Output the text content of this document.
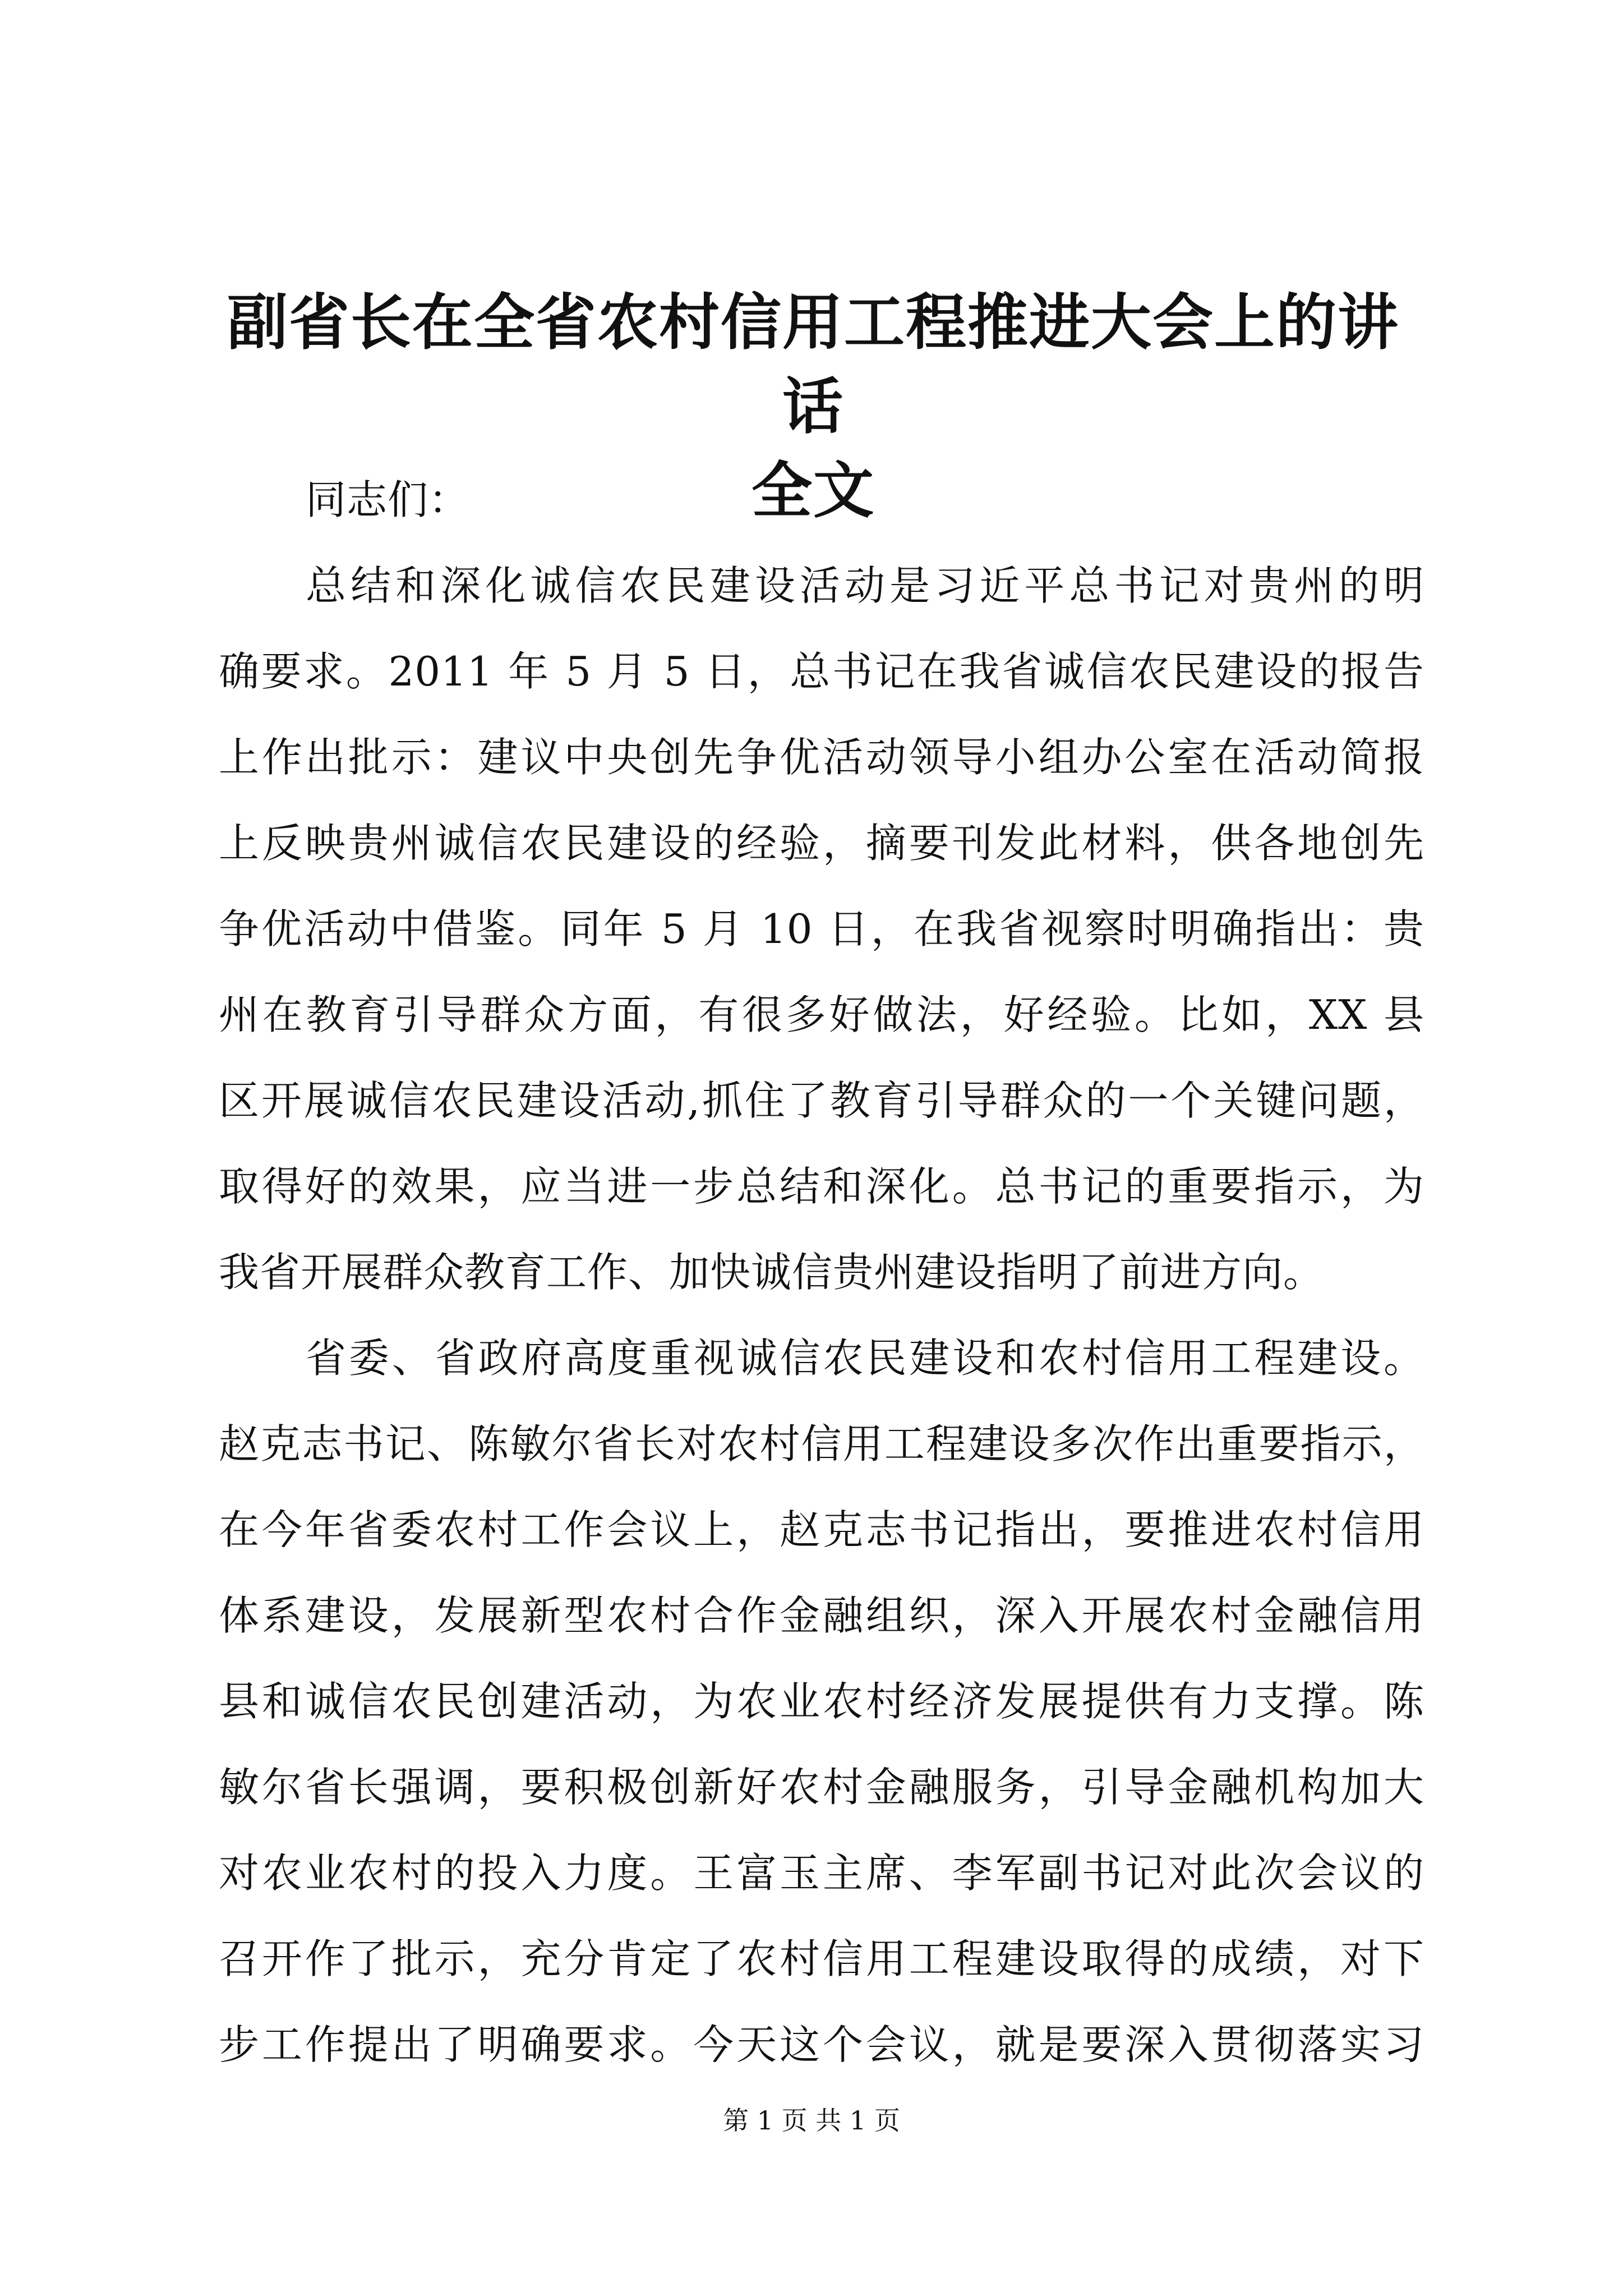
副省长在全省农村信用工程推进大会上的讲话
全文
同志们：
总结和深化诚信农民建设活动是习近平总书记对贵州的明
确要求。2011 年 5 月 5 日，总书记在我省诚信农民建设的报告
上作出批示：建议中央创先争优活动领导小组办公室在活动简报
上反映贵州诚信农民建设的经验，摘要刊发此材料，供各地创先
争优活动中借鉴。同年 5 月 10 日，在我省视察时明确指出：贵
州在教育引导群众方面，有很多好做法，好经验。比如，XX 县
区开展诚信农民建设活动,抓住了教育引导群众的一个关键问题，
取得好的效果，应当进一步总结和深化。总书记的重要指示，为
我省开展群众教育工作、加快诚信贵州建设指明了前进方向。
省委、省政府高度重视诚信农民建设和农村信用工程建设。
赵克志书记、陈敏尔省长对农村信用工程建设多次作出重要指示，
在今年省委农村工作会议上，赵克志书记指出，要推进农村信用
体系建设，发展新型农村合作金融组织，深入开展农村金融信用
县和诚信农民创建活动，为农业农村经济发展提供有力支撑。陈
敏尔省长强调，要积极创新好农村金融服务，引导金融机构加大
对农业农村的投入力度。王富玉主席、李军副书记对此次会议的
召开作了批示，充分肯定了农村信用工程建设取得的成绩，对下
步工作提出了明确要求。今天这个会议，就是要深入贯彻落实习
第 1 页 共 1 页
